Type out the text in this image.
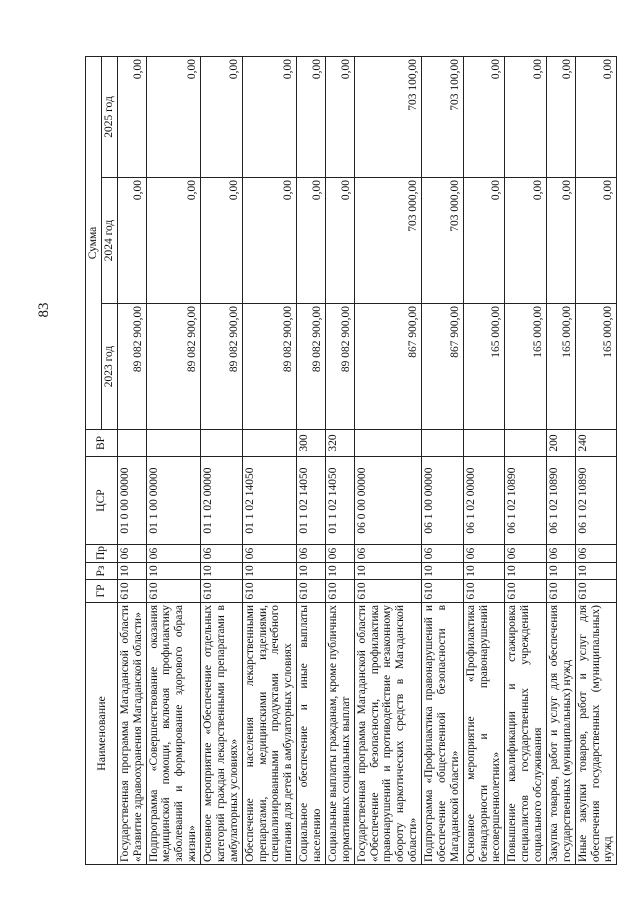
83
Наименование	ГР	Рз	Пр	ЦСР	ВР	Сумма		
						2023 год	2024 год	2025 год
Государственная программа Магаданской области «Развитие здравоохранения Магаданской области»	610	10	06	01 0 00 00000		89 082 900,00	0,00	0,00
Подпрограмма «Совершенствование оказания медицинской помощи, включая профилактику заболеваний и формирование здорового образа жизни»	610	10	06	01 1 00 00000		89 082 900,00	0,00	0,00
Основное мероприятие «Обеспечение отдельных категорий граждан лекарственными препаратами в амбулаторных условиях»	610	10	06	01 1 02 00000		89 082 900,00	0,00	0,00
Обеспечение населения лекарственными препаратами, медицинскими изделиями, специализированными продуктами лечебного питания для детей в амбулаторных условиях	610	10	06	01 1 02 14050		89 082 900,00	0,00	0,00
Социальное обеспечение и иные выплаты населению	610	10	06	01 1 02 14050	300	89 082 900,00	0,00	0,00
Социальные выплаты гражданам, кроме публичных нормативных социальных выплат	610	10	06	01 1 02 14050	320	89 082 900,00	0,00	0,00
Государственная программа Магаданской области «Обеспечение безопасности, профилактика правонарушений и противодействие незаконному обороту наркотических средств в Магаданской области»	610	10	06	06 0 00 00000		867 900,00	703 000,00	703 100,00
Подпрограмма «Профилактика правонарушений и обеспечение общественной безопасности в Магаданской области»	610	10	06	06 1 00 00000		867 900,00	703 000,00	703 100,00
Основное мероприятие «Профилактика безнадзорности и правонарушений несовершеннолетних»	610	10	06	06 1 02 00000		165 000,00	0,00	0,00
Повышение квалификации и стажировка специалистов государственных учреждений социального обслуживания	610	10	06	06 1 02 10890		165 000,00	0,00	0,00
Закупка товаров, работ и услуг для обеспечения государственных (муниципальных) нужд	610	10	06	06 1 02 10890	200	165 000,00	0,00	0,00
Иные закупки товаров, работ и услуг для обеспечения государственных (муниципальных) нужд	610	10	06	06 1 02 10890	240	165 000,00	0,00	0,00
